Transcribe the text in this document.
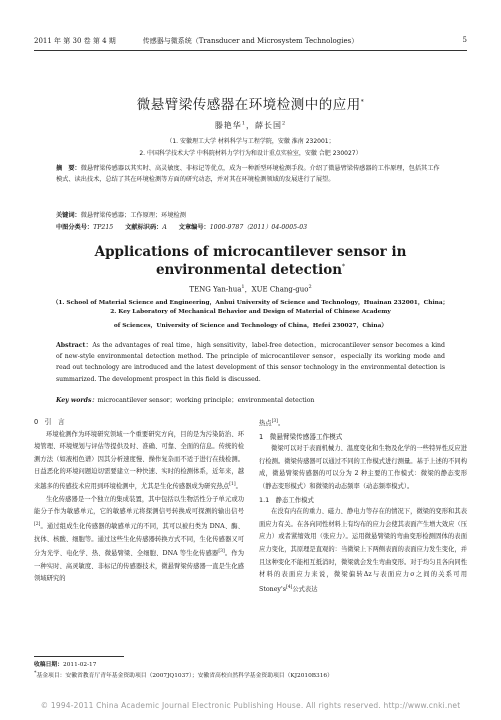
2011 年 第 30 卷 第 4 期	传感器与微系统（Transducer and Microsystem Technologies）	5
微悬臂梁传感器在环境检测中的应用*
滕艳华$^1$，薛长国$^2$
（1. 安徽理工大学 材料科学与工程学院，安徽 淮南 232001；
2. 中国科学技术大学 中科院材料力学行为和设计重点实验室，安徽 合肥 230027）
摘　要：微悬臂梁传感器以其实时、高灵敏度、非标记等优点，成为一种新型环境检测手段。介绍了微悬臂梁传感器的工作原理，包括其工作模式、读出技术，总结了其在环境检测等方面的研究动态，并对其在环境检测领域的发展进行了展望。
关键词：微悬臂梁传感器；工作原理；环境检测
中图分类号：TP215 文献标识码：A 文章编号：1000-9787（2011）04-0005-03
Applications of microcantilever sensor in
environmental detection*
TENG Yan-hua$^1$，XUE Chang-guo$^2$
（1. School of Material Science and Engineering，Anhui University of Science and Technology，Huainan 232001，China；
2. Key Laboratory of Mechanical Behavior and Design of Material of Chinese Academy
of Sciences，University of Science and Technology of China，Hefei 230027，China）
Abstract：As the advantages of real time，high sensitivity，label-free detection，microcantilever sensor becomes a kind of new-style environmental detection method. The principle of microcantilever sensor，especially its working mode and read out technology are introduced and the latest development of this sensor technology in the environmental detection is summarized. The development prospect in this field is discussed.
Key words：microcantilever sensor；working principle；environmental detection
0　引　言

环境检测作为环境研究领域一个重要研究方向，目的是为污染防治、环境管理、环境规划与评估等提供及时、准确、可靠、全面的信息。传统的检测方法（如液相色谱）因其分析速度慢、操作复杂而不适于进行在线检测。日益恶化的环境问题迫切需要建立一种快速、实时的检测体系，近年来，越来越多的传感技术应用到环境检测中，尤其是生化传感器成为研究热点[1]。

生化传感器是一个独立的集成装置，其中包括以生物活性分子单元或功能分子作为敏感单元，它的敏感单元将探测信号转换成可探测的输出信号[2]。通过组成生化传感器的敏感单元的不同，其可以被归类为 DNA、酶、抗体、核酸、细胞等。通过这些生化传感器转换方式不同，生化传感器又可分为光学、电化学、热、微悬臂梁、全细胞、DNA 等生化传感器[3]。作为一种实时、高灵敏度、非标记的传感器技术，微悬臂梁传感器一直是生化感领域研究的

热点[3]。

1　微悬臂梁传感器工作模式

微梁可以对于表面机械力、温度变化和生物及化学的一些特异性反应进行检测。微梁传感器可以通过不同的工作模式进行测量。基于上述的不同构成，微悬臂梁传感器的可以分为 2 种主要的工作模式：微梁的静态变形（静态变形模式）和微梁的动态频率（动态频率模式）。

1.1　静态工作模式

在没有内在的重力、磁力、静电力等存在的情况下，微梁的变形和其表面应力有关。在各向同性材料上有均布的应力会使其表面产生增大效应（压应力）或者紧缩效用（张应力）。运用微悬臂梁的弯曲变形检测固体的表面应力变化，其原理是直观的：当微梁上下两侧表面的表面应力发生变化，并且这种变化不能相互抵消时，微梁就会发生弯曲变形。对于均匀且各向同性材料的表面应力来说，微梁偏转Δz与表面应力σ之间的关系可用Stoney's[4]公式表达

收稿日期：2011-02-17
*基金项目：安徽省教育厅青年基金资助项目（2007JQ1037）；安徽省高校自然科学基金资助项目（KJ2010B316）
© 1994-2011 China Academic Journal Electronic Publishing House. All rights reserved. http://www.cnki.net
